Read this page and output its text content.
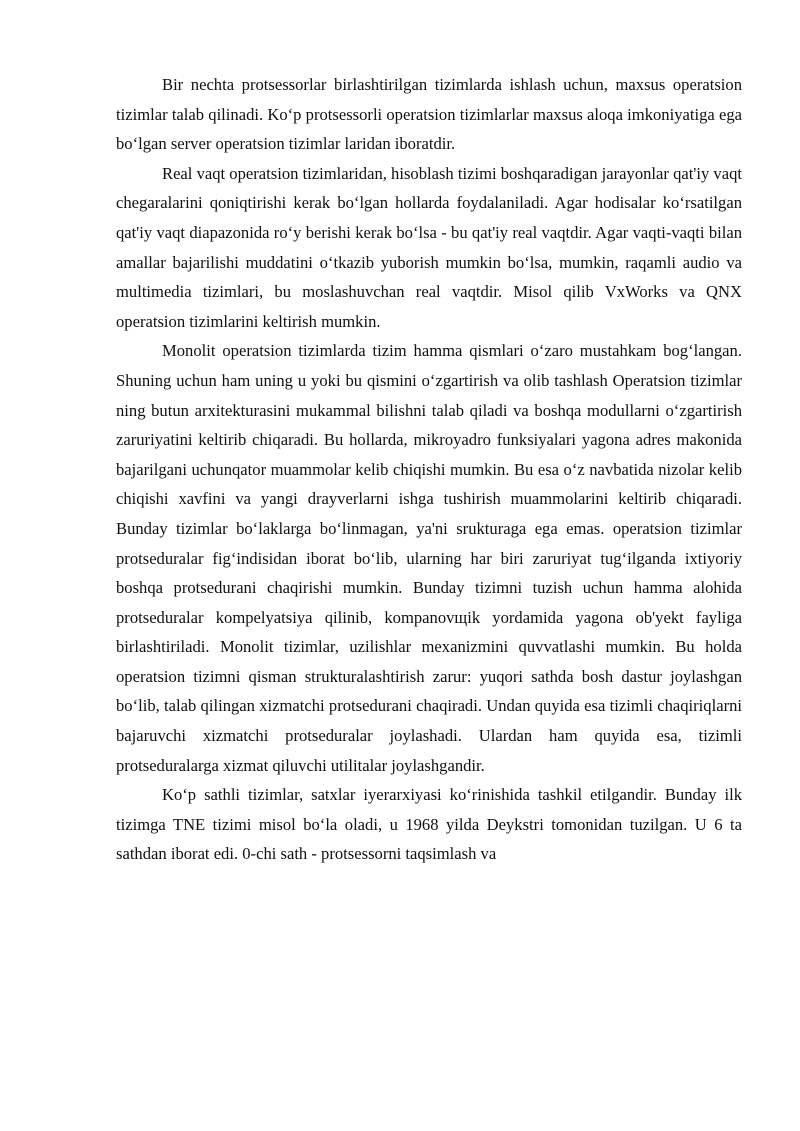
Bir nechta protsessorlar birlashtirilgan tizimlarda ishlash uchun, maxsus operatsion tizimlar talab qilinadi. Ko‘p protsessorli operatsion tizimlarlar maxsus aloqa imkoniyatiga ega bo‘lgan server operatsion tizimlar laridan iboratdir.

Real vaqt operatsion tizimlaridan, hisoblash tizimi boshqaradigan jarayonlar qat'iy vaqt chegaralarini qoniqtirishi kerak bo‘lgan hollarda foydalaniladi. Agar hodisalar ko‘rsatilgan qat'iy vaqt diapazonida ro‘y berishi kerak bo‘lsa - bu qat'iy real vaqtdir. Agar vaqti-vaqti bilan amallar bajarilishi muddatini o‘tkazib yuborish mumkin bo‘lsa, mumkin, raqamli audio va multimedia tizimlari, bu moslashuvchan real vaqtdir. Misol qilib VxWorks va QNX operatsion tizimlarini keltirish mumkin.

Monolit operatsion tizimlarda tizim hamma qismlari o‘zaro mustahkam bog‘langan. Shuning uchun ham uning u yoki bu qismini o‘zgartirish va olib tashlash Operatsion tizimlar ning butun arxitekturasini mukammal bilishni talab qiladi va boshqa modullarni o‘zgartirish zaruriyatini keltirib chiqaradi. Bu hollarda, mikroyadro funksiyalari yagona adres makonida bajarilgani uchunqator muammolar kelib chiqishi mumkin. Bu esa o‘z navbatida nizolar kelib chiqishi xavfini va yangi drayverlarni ishga tushirish muammolarini keltirib chiqaradi. Bunday tizimlar bo‘laklarga bo‘linmagan, ya'ni srukturaga ega emas. operatsion tizimlar protseduralar fig‘indisidan iborat bo‘lib, ularning har biri zaruriyat tug‘ilganda ixtiyoriy boshqa protsedurani chaqirishi mumkin. Bunday tizimni tuzish uchun hamma alohida protseduralar kompelyatsiya qilinib, kompanovщik yordamida yagona ob'yekt fayliga birlashtiriladi. Monolit tizimlar, uzilishlar mexanizmini quvvatlashi mumkin. Bu holda operatsion tizimni qisman strukturalashtirish zarur: yuqori sathda bosh dastur joylashgan bo‘lib, talab qilingan xizmatchi protsedurani chaqiradi. Undan quyida esa tizimli chaqiriqlarni bajaruvchi xizmatchi protseduralar joylashadi. Ulardan ham quyida esa, tizimli protseduralarga xizmat qiluvchi utilitalar joylashgandir.

Ko‘p sathli tizimlar, satxlar iyerarxiyasi ko‘rinishida tashkil etilgandir. Bunday ilk tizimga TNE tizimi misol bo‘la oladi, u 1968 yilda Deykstri tomonidan tuzilgan. U 6 ta sathdan iborat edi. 0-chi sath - protsessorni taqsimlash va
